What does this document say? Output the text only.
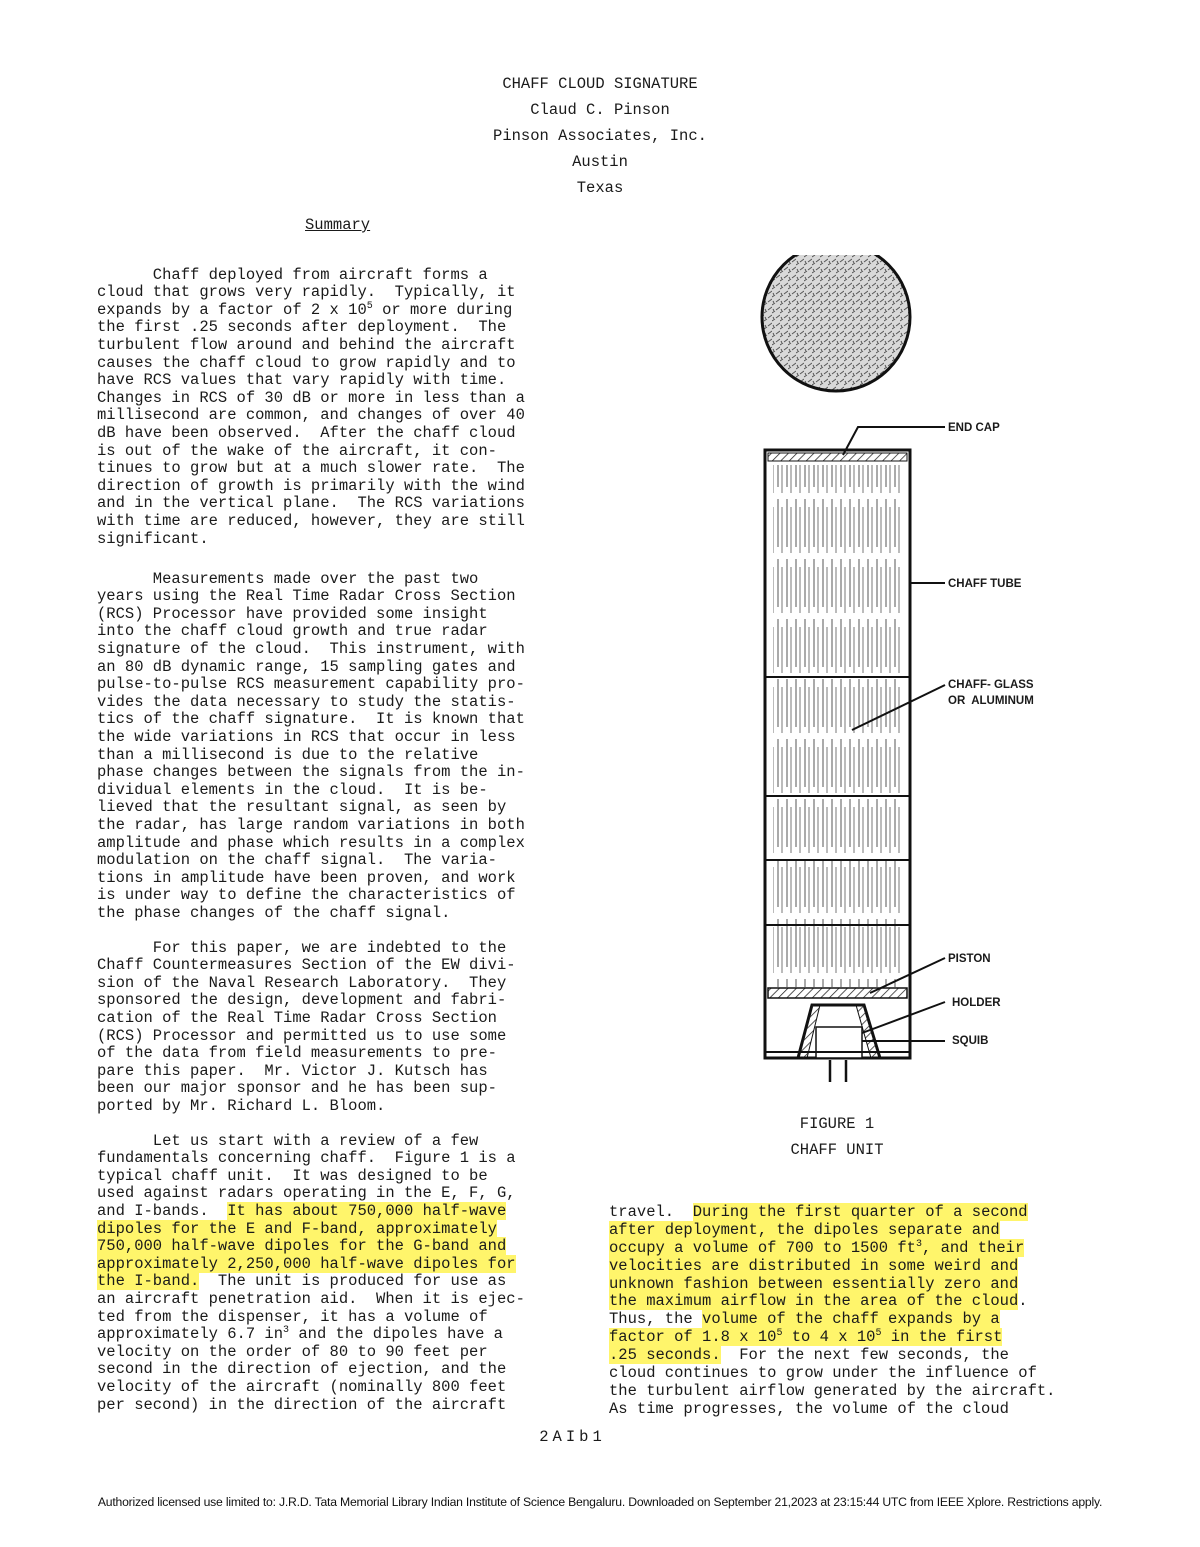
CHAFF CLOUD SIGNATURE
Claud C. Pinson
Pinson Associates, Inc.
Austin
Texas
Summary

Chaff deployed from aircraft forms a
cloud that grows very rapidly.  Typically, it
expands by a factor of 2 x $10^5$ or more during
the first .25 seconds after deployment.  The
turbulent flow around and behind the aircraft
causes the chaff cloud to grow rapidly and to
have RCS values that vary rapidly with time.
Changes in RCS of 30 dB or more in less than a
millisecond are common, and changes of over 40
dB have been observed.  After the chaff cloud
is out of the wake of the aircraft, it con-
tinues to grow but at a much slower rate.  The
direction of growth is primarily with the wind
and in the vertical plane.  The RCS variations
with time are reduced, however, they are still
significant.

Measurements made over the past two
years using the Real Time Radar Cross Section
(RCS) Processor have provided some insight
into the chaff cloud growth and true radar
signature of the cloud.  This instrument, with
an 80 dB dynamic range, 15 sampling gates and
pulse-to-pulse RCS measurement capability pro-
vides the data necessary to study the statis-
tics of the chaff signature.  It is known that
the wide variations in RCS that occur in less
than a millisecond is due to the relative
phase changes between the signals from the in-
dividual elements in the cloud.  It is be-
lieved that the resultant signal, as seen by
the radar, has large random variations in both
amplitude and phase which results in a complex
modulation on the chaff signal.  The varia-
tions in amplitude have been proven, and work
is under way to define the characteristics of
the phase changes of the chaff signal.

For this paper, we are indebted to the
Chaff Countermeasures Section of the EW divi-
sion of the Naval Research Laboratory.  They
sponsored the design, development and fabri-
cation of the Real Time Radar Cross Section
(RCS) Processor and permitted us to use some
of the data from field measurements to pre-
pare this paper.  Mr. Victor J. Kutsch has
been our major sponsor and he has been sup-
ported by Mr. Richard L. Bloom.

Let us start with a review of a few
fundamentals concerning chaff.  Figure 1 is a
typical chaff unit.  It was designed to be
used against radars operating in the E, F, G,
and I-bands.  It has about 750,000 half-wave
dipoles for the E and F-band, approximately
750,000 half-wave dipoles for the G-band and
approximately 2,250,000 half-wave dipoles for
the I-band.  The unit is produced for use as
an aircraft penetration aid.  When it is ejec-
ted from the dispenser, it has a volume of
approximately 6.7 $in^3$ and the dipoles have a
velocity on the order of 80 to 90 feet per
second in the direction of ejection, and the
velocity of the aircraft (nominally 800 feet
per second) in the direction of the aircraft

travel.  During the first quarter of a second
after deployment, the dipoles separate and
occupy a volume of 700 to 1500 $ft^3$, and their
velocities are distributed in some weird and
unknown fashion between essentially zero and
the maximum airflow in the area of the cloud.
Thus, the volume of the chaff expands by a
factor of 1.8 x $10^5$ to 4 x $10^5$ in the first
.25 seconds.  For the next few seconds, the
cloud continues to grow under the influence of
the turbulent airflow generated by the aircraft.
As time progresses, the volume of the cloud

END CAP
CHAFF TUBE
CHAFF- GLASS
OR  ALUMINUM
PISTON
HOLDER
SQUIB
FIGURE 1
CHAFF UNIT
2AIb1
Authorized licensed use limited to: J.R.D. Tata Memorial Library Indian Institute of Science Bengaluru. Downloaded on September 21,2023 at 23:15:44 UTC from IEEE Xplore. Restrictions apply.
